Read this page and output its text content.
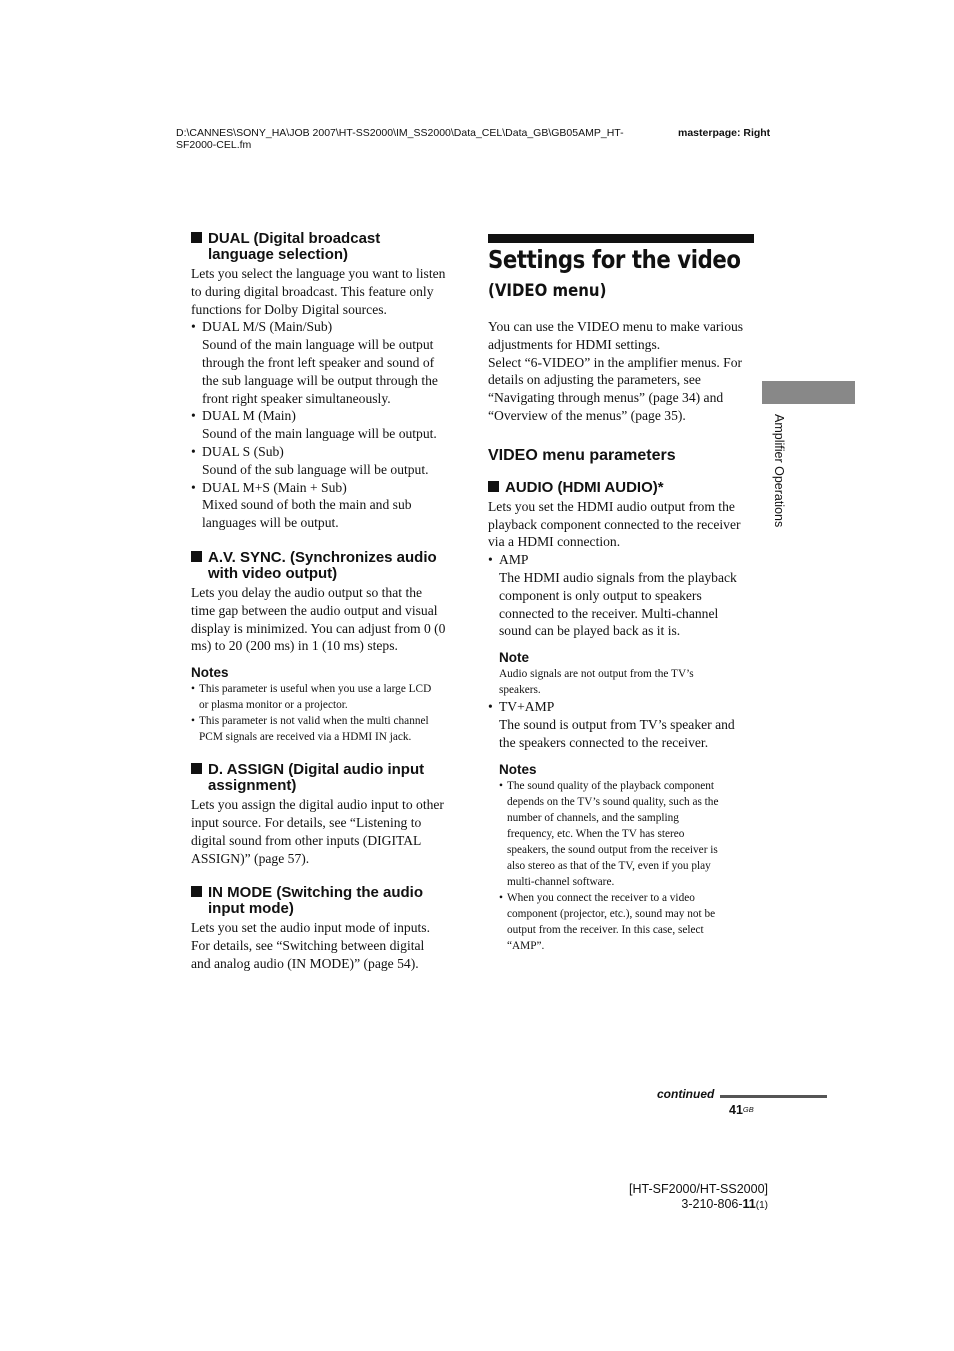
D:\CANNES\SONY_HA\JOB 2007\HT-SS2000\IM_SS2000\Data_CEL\Data_GB\GB05AMP_HT-
SF2000-CEL.fm
masterpage: Right
DUAL (Digital broadcast
language selection)

Lets you select the language you want to listen
to during digital broadcast. This feature only
functions for Dolby Digital sources.

• DUAL M/S (Main/Sub)
Sound of the main language will be output
through the front left speaker and sound of
the sub language will be output through the
front right speaker simultaneously.
• DUAL M (Main)
Sound of the main language will be output.
• DUAL S (Sub)
Sound of the sub language will be output.
• DUAL M+S (Main + Sub)
Mixed sound of both the main and sub
languages will be output.
A.V. SYNC. (Synchronizes audio
with video output)

Lets you delay the audio output so that the
time gap between the audio output and visual
display is minimized. You can adjust from 0 (0
ms) to 20 (200 ms) in 1 (10 ms) steps.

Notes
• This parameter is useful when you use a large LCD
or plasma monitor or a projector.
• This parameter is not valid when the multi channel
PCM signals are received via a HDMI IN jack.
D. ASSIGN (Digital audio input
assignment)

Lets you assign the digital audio input to other
input source. For details, see “Listening to
digital sound from other inputs (DIGITAL
ASSIGN)” (page 57).

IN MODE (Switching the audio
input mode)

Lets you set the audio input mode of inputs.
For details, see “Switching between digital
and analog audio (IN MODE)” (page 54).

Settings for the video
(VIDEO menu)

You can use the VIDEO menu to make various
adjustments for HDMI settings.
Select “6-VIDEO” in the amplifier menus. For
details on adjusting the parameters, see
“Navigating through menus” (page 34) and
“Overview of the menus” (page 35).

VIDEO menu parameters
AUDIO (HDMI AUDIO)*

Lets you set the HDMI audio output from the
playback component connected to the receiver
via a HDMI connection.

• AMP
The HDMI audio signals from the playback
component is only output to speakers
connected to the receiver. Multi-channel
sound can be played back as it is.
Note

Audio signals are not output from the TV’s
speakers.

• TV+AMP
The sound is output from TV’s speaker and
the speakers connected to the receiver.
Notes
• The sound quality of the playback component
depends on the TV’s sound quality, such as the
number of channels, and the sampling
frequency, etc. When the TV has stereo
speakers, the sound output from the receiver is
also stereo as that of the TV, even if you play
multi-channel software.
• When you connect the receiver to a video
component (projector, etc.), sound may not be
output from the receiver. In this case, select
“AMP”.
Amplifier Operations
continued
$41^{GB}$
[HT-SF2000/HT-SS2000]
3-210-806-11(1)
